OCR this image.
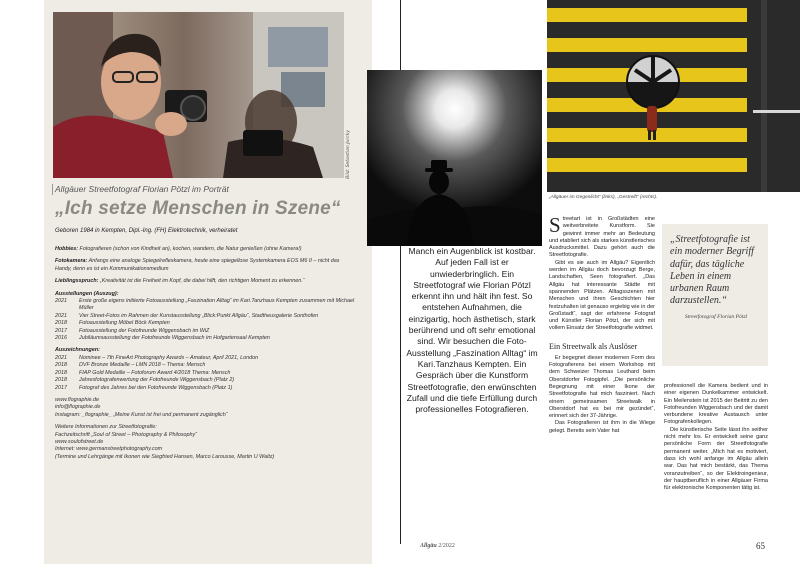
Bild: Sebastian Jurcky
Allgäuer Streetfotograf Florian Pötzl im Porträt
„Ich setze Menschen in Szene“
Geboren 1984 in Kempten, Dipl.-Ing. (FH) Elektrotechnik, verheiratet
Hobbies: Fotografieren (schon von Kindheit an), kochen, wandern, die Natur genießen (ohne Kamera!)
Fotokamera: Anfangs eine analoge Spiegelreflexkamera, heute eine spiegellose Systemkamera EOS M6 II – nicht das Handy, denn es ist ein Kommunikationsmedium
Lieblingsspruch: „Kreativität ist die Freiheit im Kopf, die dabei hilft, den richtigen Moment zu erkennen.“
Ausstellungen (Auszug):
2021	Erste große eigens initiierte Fotoausstellung „Faszination Alltag“ im Kari.Tanzhaus Kempten zusammen mit Michael Müller
2021	Vier Street-Fotos im Rahmen der Kunstausstellung „Blick:Punkt Allgäu“, Stadtheusgalerie Sonthofen
2018	Fotoausstellung Möbel Böck Kempten
2017	Fotoausstellung der Fotofreunde Wiggensbach im WiZ
2016	Jubiläumsausstellung der Fotofreunde Wiggensbach im Hofgartensaal Kempten
Auszeichnungen:
2021	Nominee – 7th FineArt Photography Awards – Amateur, April 2021, London
2018	DVF Bronze Medaille – LMN 2018 – Thema: Mensch
2018	FIAP Gold Medaille – Fotoforum Award 4/2018 Thema: Mensch
2018	Jahresfotografenwertung der Fotofreunde Wiggensbach (Platz 2)
2017	Fotograf des Jahres bei den Fotofreunde Wiggensbach (Platz 1)
www.flographie.de
info@flographie.de
Instagram: _flographie_ „Meine Kunst ist frei und permanent zugänglich“
Weitere Informationen zur Streetfotografie:
Fachzeitschrift „Soul of Street – Photography & Philosophy“
www.soulofstreet.de
Internet: www.germanstreetphotography.com
(Termine und Lehrgänge mit Ikonen wie Siegfried Hansen, Marco Larousse, Martin U Waltz)
Manch ein Augenblick ist kostbar. Auf jeden Fall ist er unwiederbringlich. Ein Streetfotograf wie Florian Pötzl erkennt ihn und hält ihn fest. So entstehen Aufnahmen, die einzigartig, hoch ästhetisch, stark berührend und oft sehr emotional sind. Wir besuchen die Foto-Ausstellung „Faszination Alltag“ im Kari.Tanzhaus Kempten. Ein Gespräch über die Kunstform Streetfotografie, den erwünschten Zufall und die tiefe Erfüllung durch professionelles Fotografieren.
„Allgäuer im Gegenlicht“ (links), „Gestreift“ (rechts).

Streetart ist in Großstädten eine weitverbreitete Kunstform. Sie gewinnt immer mehr an Bedeutung und etabliert sich als starkes künstlerisches Ausdrucksmittel. Dazu gehört auch die Streetfotografie.

Gibt es sie auch im Allgäu? Eigentlich werden im Allgäu doch bevorzugt Berge, Landschaften, Seen fotografiert. „Das Allgäu hat interessante Städte mit spannenden Plätzen. Alltagsszenen mit Menschen und ihren Geschichten hier festzuhalten ist genauso ergiebig wie in der Großstadt“, sagt der erfahrene Fotograf und Künstler Florian Pötzl, der sich mit vollem Einsatz der Streetfotografie widmet.

Ein Streetwalk als Auslöser

Er begegnet dieser modernen Form des Fotografierens bei einem Workshop mit dem Schweizer Thomas Leuthard beim Oberstdorfer Fotogipfel. „Die persönliche Begegnung mit einer Ikone der Streetfotografie hat mich fasziniert. Nach einem gemeinsamen Streetwalk in Oberstdorf hat es bei mir gezündet“, erinnert sich der 37-Jährige.

Das Fotografieren ist ihm in die Wiege gelegt. Bereits sein Vater hat

„Streetfotografie ist ein moderner Begriff dafür, das tägliche Leben in einem urbanen Raum darzustellen.“
Streetfotograf Florian Pötzl

professionell die Kamera bedient und in einer eigenen Dunkelkammer entwickelt. Ein Meilenstein ist 2015 der Beitritt zu den Fotofreunden Wiggensbach und der damit verbundene kreative Austausch unter Fotografenkollegen.

Die künstlerische Seite lässt ihn seither nicht mehr los. Er entwickelt seine ganz persönliche Form der Streetfotografie permanent weiter. „Mich hat es motiviert, dass ich wohl anfange im Allgäu allein war. Das hat mich bestärkt, das Thema voranzutreiben“, so der Elektroingenieur, der hauptberuflich in einer Allgäuer Firma für elektronische Komponenten tätig ist.

Allgäu 2/2022	65
